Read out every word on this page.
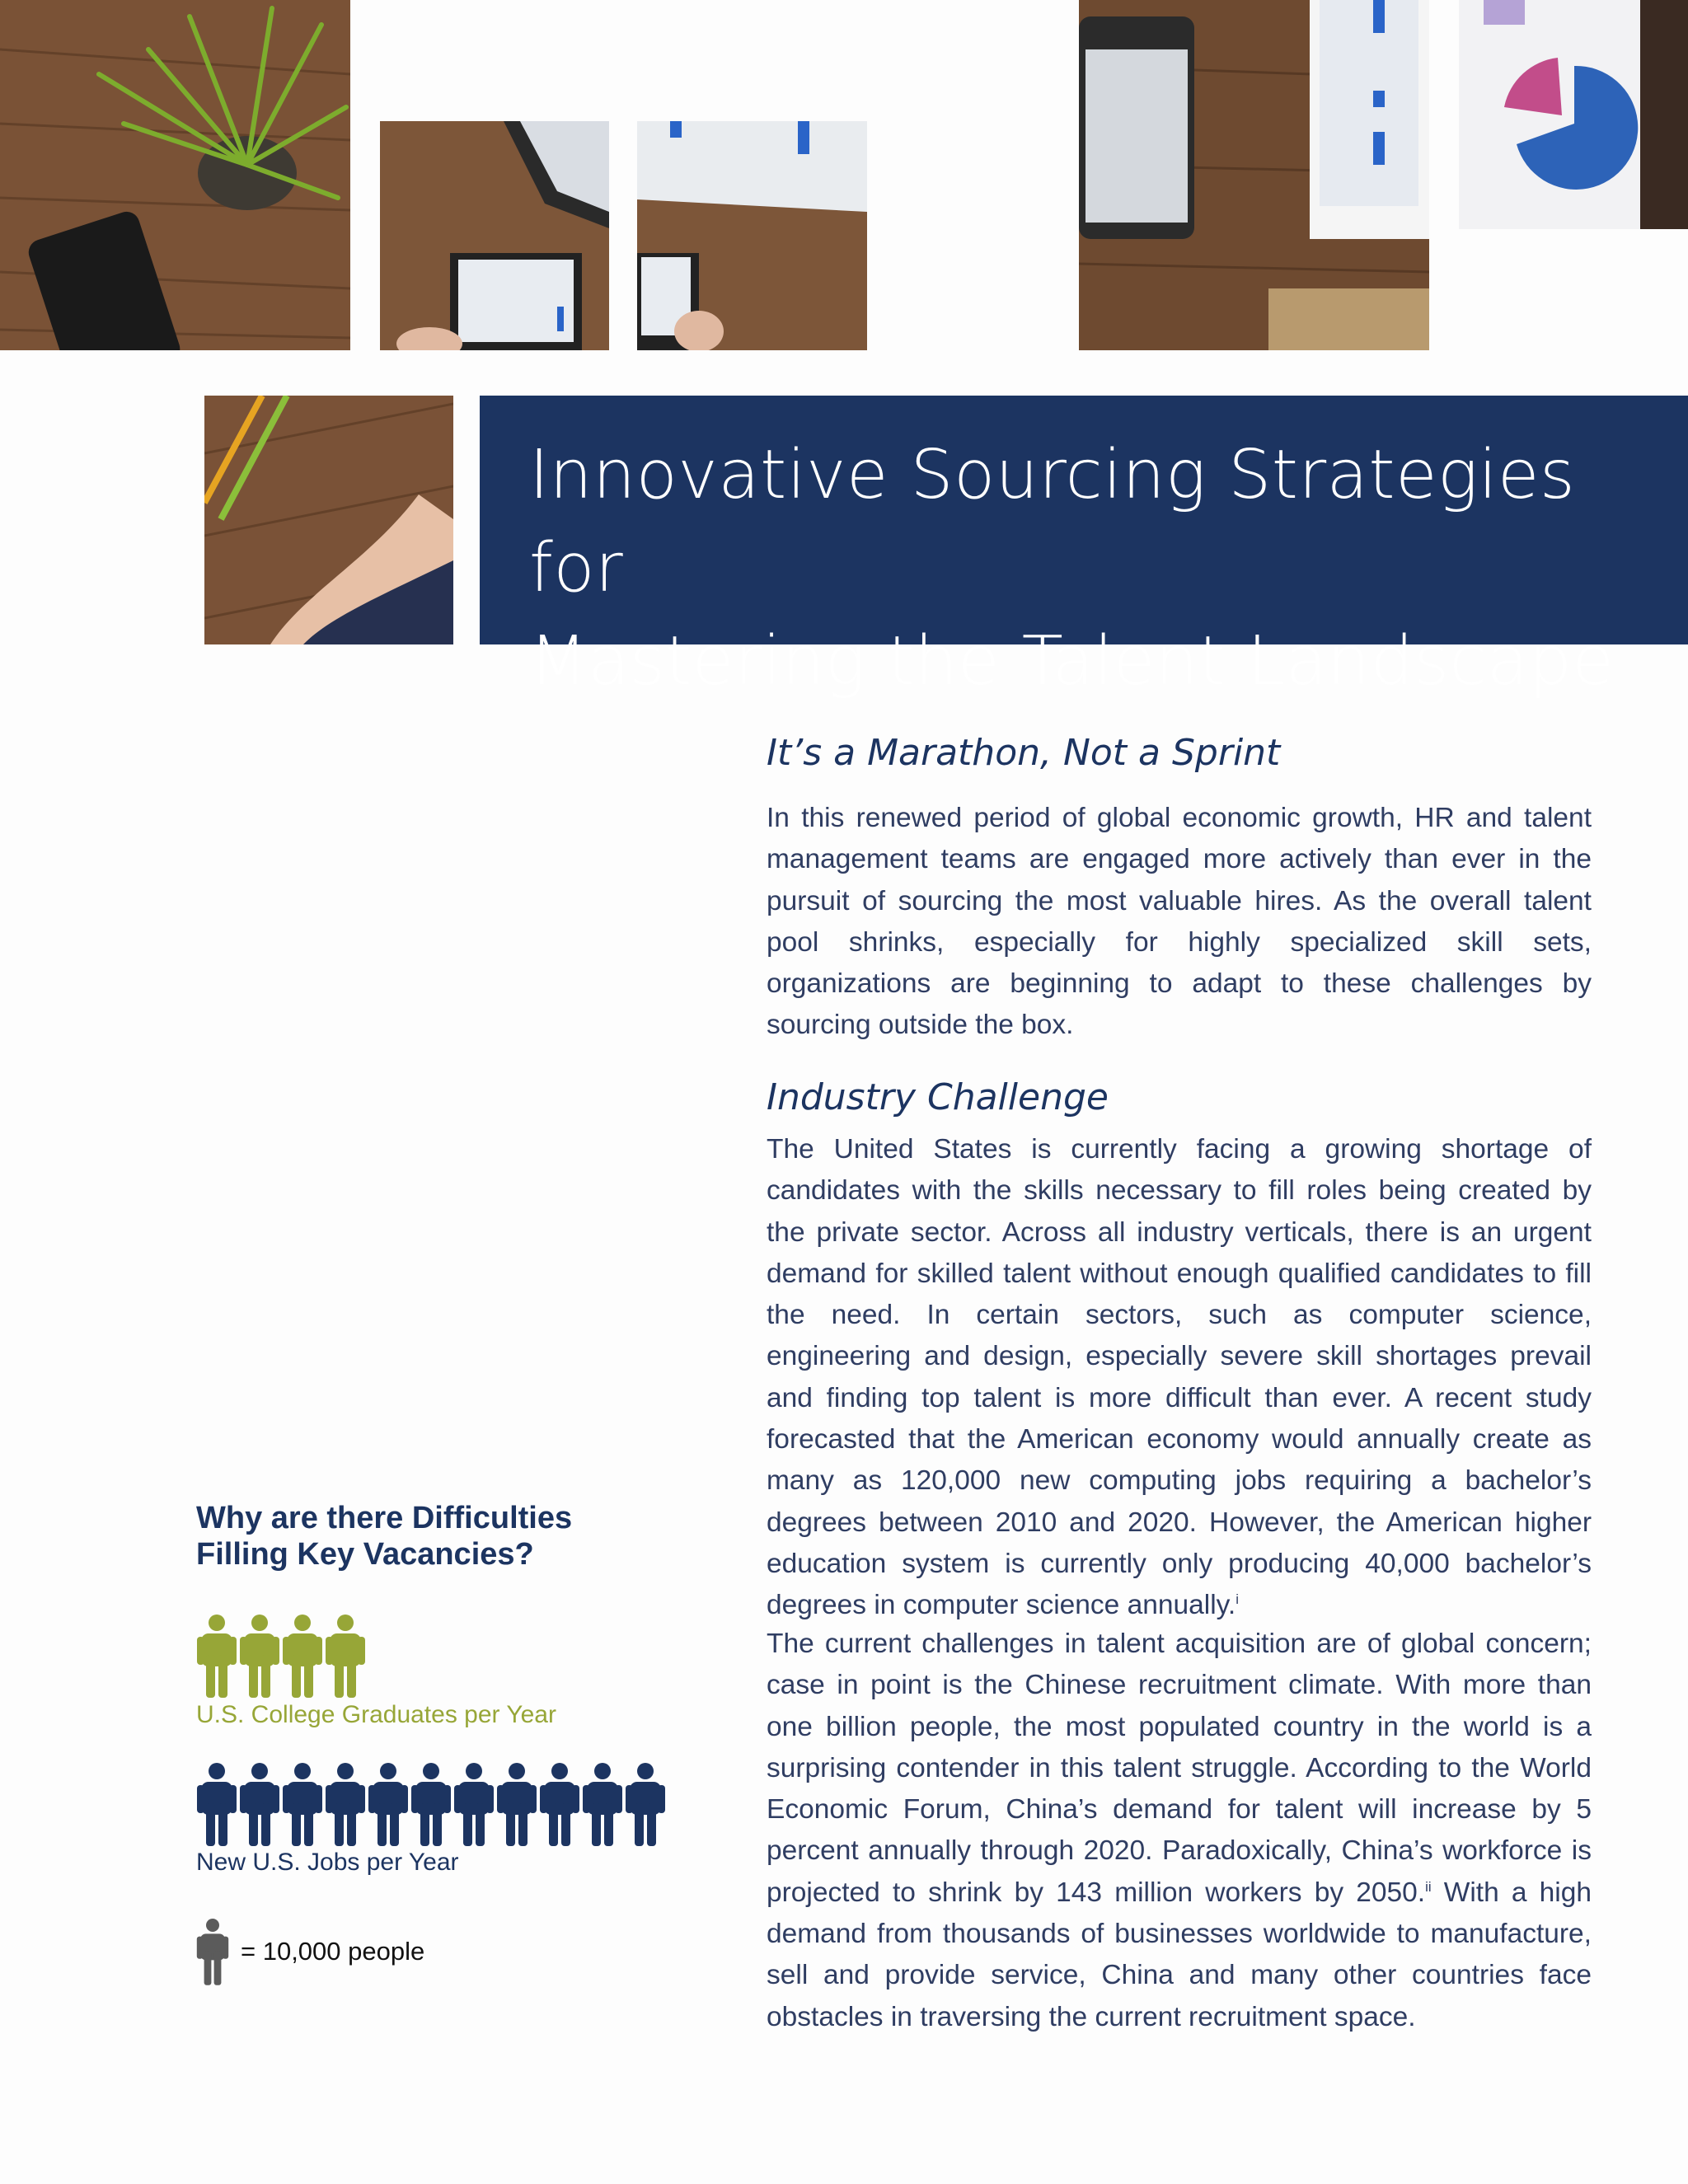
Innovative Sourcing Strategies for
Mastering the Talent Landscape
It’s a Marathon, Not a Sprint

In this renewed period of global economic growth, HR and talent management teams are engaged more actively than ever in the pursuit of sourcing the most valuable hires. As the overall talent pool shrinks, especially for highly specialized skill sets, organizations are beginning to adapt to these challenges by sourcing outside the box.

Industry Challenge

The United States is currently facing a growing shortage of candidates with the skills necessary to fill roles being created by the private sector. Across all industry verticals, there is an urgent demand for skilled talent without enough qualified candidates to fill the need. In certain sectors, such as computer science, engineering and design, especially severe skill shortages prevail and finding top talent is more difficult than ever. A recent study forecasted that the American economy would annually create as many as 120,000 new computing jobs requiring a bachelor’s degrees between 2010 and 2020. However, the American higher education system is currently only producing 40,000 bachelor’s degrees in computer science annually.$^i$

The current challenges in talent acquisition are of global concern; case in point is the Chinese recruitment climate. With more than one billion people, the most populated country in the world is a surprising contender in this talent struggle. According to the World Economic Forum, China’s demand for talent will increase by 5 percent annually through 2020. Paradoxically, China’s workforce is projected to shrink by 143 million workers by 2050.$^{ii}$ With a high demand from thousands of businesses worldwide to manufacture, sell and provide service, China and many other countries face obstacles in traversing the current recruitment space.

Why are there Difficulties
Filling Key Vacancies?

U.S. College Graduates per Year

New U.S. Jobs per Year

= 10,000 people
